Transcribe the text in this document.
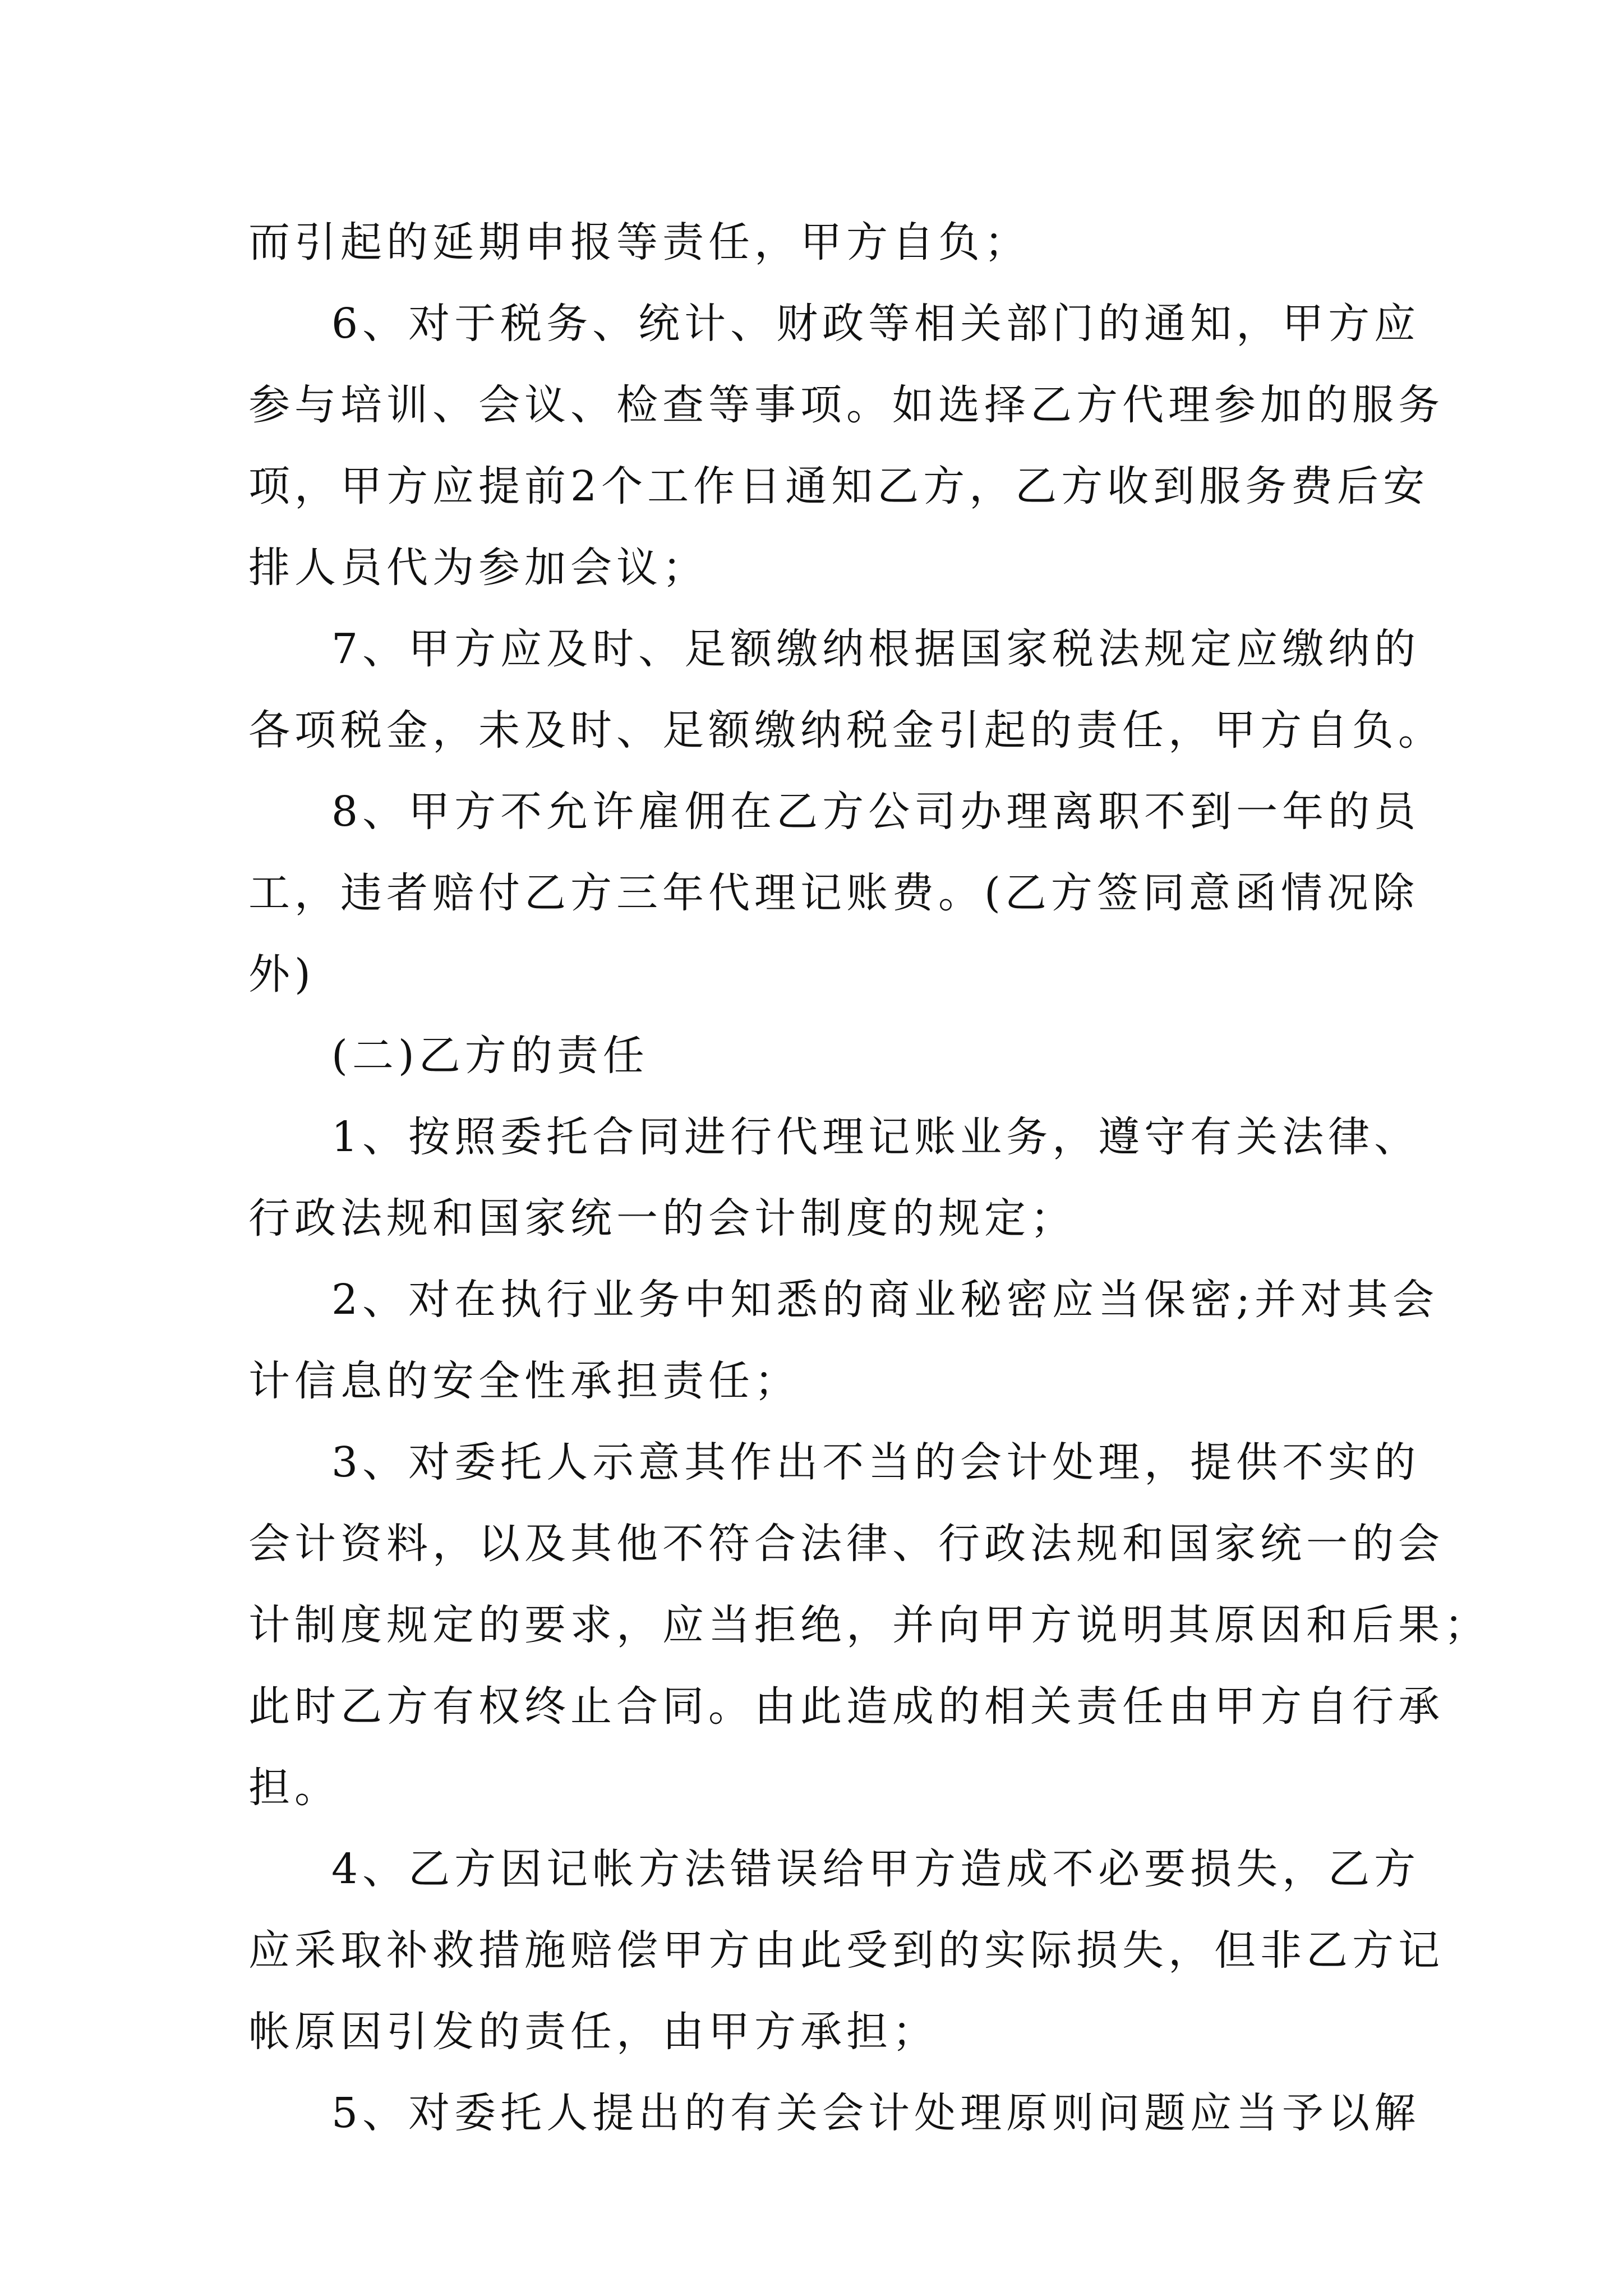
而引起的延期申报等责任，甲方自负；
6、对于税务、统计、财政等相关部门的通知，甲方应
参与培训、会议、检查等事项。如选择乙方代理参加的服务
项，甲方应提前2个工作日通知乙方，乙方收到服务费后安
排人员代为参加会议；
7、甲方应及时、足额缴纳根据国家税法规定应缴纳的
各项税金，未及时、足额缴纳税金引起的责任，甲方自负。
8、甲方不允许雇佣在乙方公司办理离职不到一年的员
工，违者赔付乙方三年代理记账费。(乙方签同意函情况除
外)
(二)乙方的责任
1、按照委托合同进行代理记账业务，遵守有关法律、
行政法规和国家统一的会计制度的规定；
2、对在执行业务中知悉的商业秘密应当保密;并对其会
计信息的安全性承担责任；
3、对委托人示意其作出不当的会计处理，提供不实的
会计资料，以及其他不符合法律、行政法规和国家统一的会
计制度规定的要求，应当拒绝，并向甲方说明其原因和后果；
此时乙方有权终止合同。由此造成的相关责任由甲方自行承
担。
4、乙方因记帐方法错误给甲方造成不必要损失，乙方
应采取补救措施赔偿甲方由此受到的实际损失，但非乙方记
帐原因引发的责任，由甲方承担；
5、对委托人提出的有关会计处理原则问题应当予以解
